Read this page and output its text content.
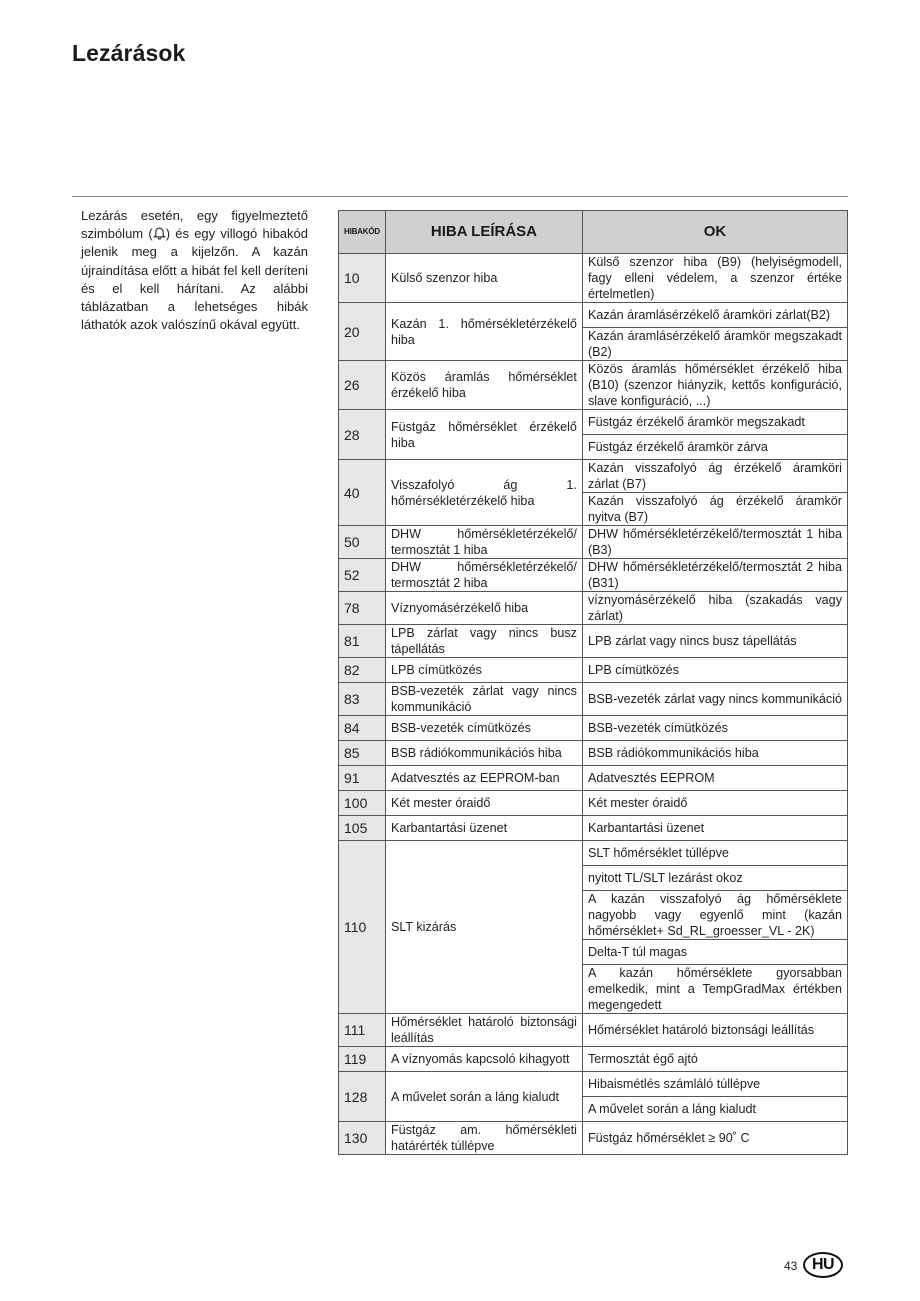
Lezárások

Lezárás esetén, egy figyelmeztető szimbólum ( ) és egy villogó hibakód jelenik meg a kijelzőn. A kazán újraindítása előtt a hibát fel kell deríteni és el kell hárítani. Az alábbi táblázatban a lehetséges hibák láthatók azok valószínű okával együtt.

HIBAKÓD	HIBA LEÍRÁSA	OK
10	Külső szenzor hiba	Külső szenzor hiba (B9) (helyiségmodell, fagy elleni védelem, a szenzor értéke értelmetlen)
20	Kazán 1. hőmérsékletérzékelő hiba	Kazán áramlásérzékelő áramköri zárlat(B2)
		Kazán áramlásérzékelő áramkör megszakadt (B2)
26	Közös áramlás hőmérséklet érzékelő hiba	Közös áramlás hőmérséklet érzékelő hiba (B10) (szenzor hiányzik, kettős konfiguráció, slave konfiguráció, ...)
28	Füstgáz hőmérséklet érzékelő hiba	Füstgáz érzékelő áramkör megszakadt
		Füstgáz érzékelő áramkör zárva
40	Visszafolyó ág 1. hőmérsékletérzékelő hiba	Kazán visszafolyó ág érzékelő áramköri zárlat (B7)
		Kazán visszafolyó ág érzékelő áramkör nyitva (B7)
50	DHW hőmérsékletérzékelő/ termosztát 1 hiba	DHW hőmérsékletérzékelő/termosztát 1 hiba (B3)
52	DHW hőmérsékletérzékelő/ termosztát 2 hiba	DHW hőmérsékletérzékelő/termosztát 2 hiba (B31)
78	Víznyomásérzékelő hiba	víznyomásérzékelő hiba (szakadás vagy zárlat)
81	LPB zárlat vagy nincs busz tápellátás	LPB zárlat vagy nincs busz tápellátás
82	LPB címütközés	LPB címütközés
83	BSB-vezeték zárlat vagy nincs kommunikáció	BSB-vezeték zárlat vagy nincs kommunikáció
84	BSB-vezeték címütközés	BSB-vezeték címütközés
85	BSB rádiókommunikációs hiba	BSB rádiókommunikációs hiba
91	Adatvesztés az EEPROM-ban	Adatvesztés EEPROM
100	Két mester óraidő	Két mester óraidő
105	Karbantartási üzenet	Karbantartási üzenet
110	SLT kizárás	SLT hőmérséklet túllépve
		nyitott TL/SLT lezárást okoz
		A kazán visszafolyó ág hőmérséklete nagyobb vagy egyenlő mint (kazán hőmérséklet+ Sd_RL_groesser_VL - 2K)
		Delta-T túl magas
		A kazán hőmérséklete gyorsabban emelkedik, mint a TempGradMax értékben megengedett
111	Hőmérséklet határoló biztonsági leállítás	Hőmérséklet határoló biztonsági leállítás
119	A víznyomás kapcsoló kihagyott	Termosztát égő ajtó
128	A művelet során a láng kialudt	Hibaismétlés számláló túllépve
		A művelet során a láng kialudt
130	Füstgáz am. hőmérsékleti határérték túllépve	Füstgáz hőmérséklet ≥ 90˚ C
43 HU
